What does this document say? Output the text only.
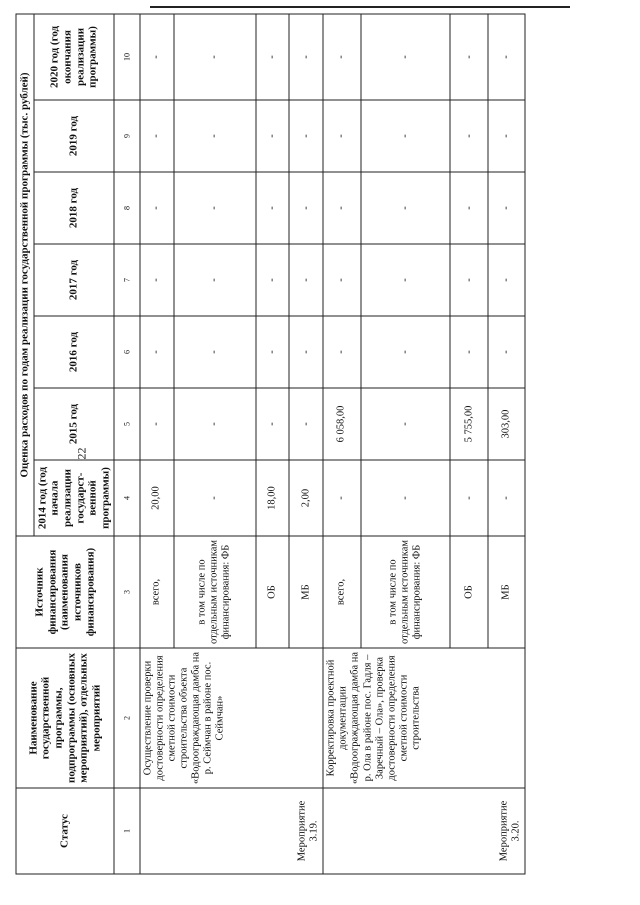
22
Статус	Наименование государственной программы, подпрограммы (основных мероприятий), отдельных мероприятий	Источник финансирования (наименования источников финансирования)	Оценка расходов по годам реализации государственной программы (тыс. рублей)						
			2014 год (год начала реализации государст-венной программы)	2015 год	2016 год	2017 год	2018 год	2019 год	2020 год (год окончания реализации программы)
1	2	3	4	5	6	7	8	9	10
Мероприятие 3.19.	Осуществление проверки достоверности определения сметной стоимости строительства объекта «Водоограждающая дамба на р. Сеймчан в районе пос. Сеймчан»	всего,	20,00	-	-	-	-	-	-
		в том числе по отдельным источникам финансирования: ФБ	-	-	-	-	-	-	-
		ОБ	18,00	-	-	-	-	-	-
		МБ	2,00	-	-	-	-	-	-
Мероприятие 3.20.	Корректировка проектной документации «Водоограждающая дамба на р. Ола в районе пос. Гадля – Заречный – Ола», проверка достоверности определения сметной стоимости строительства	всего,	-	6 058,00	-	-	-	-	-
		в том числе по отдельным источникам финансирования: ФБ	-	-	-	-	-	-	-
		ОБ	-	5 755,00	-	-	-	-	-
		МБ	-	303,00	-	-	-	-	-
